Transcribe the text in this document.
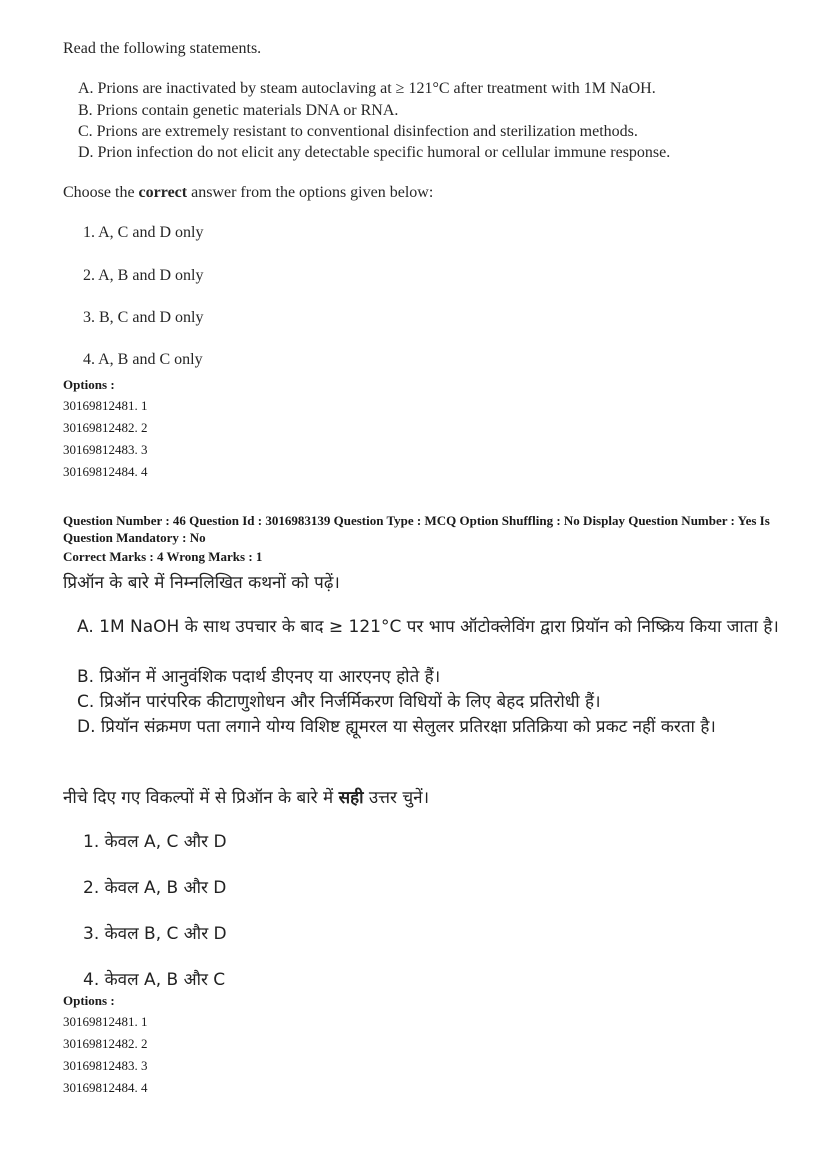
Read the following statements.
A. Prions are inactivated by steam autoclaving at ≥ 121°C after treatment with 1M NaOH.
B. Prions contain genetic materials DNA or RNA.
C. Prions are extremely resistant to conventional disinfection and sterilization methods.
D. Prion infection do not elicit any detectable specific humoral or cellular immune response.
Choose the correct answer from the options given below:
1. A, C and D only
2. A, B and D only
3. B, C and D only
4. A, B and C only
Options :
30169812481. 1
30169812482. 2
30169812483. 3
30169812484. 4
Question Number : 46 Question Id : 3016983139 Question Type : MCQ Option Shuffling : No Display Question Number : Yes Is Question Mandatory : No
Correct Marks : 4 Wrong Marks : 1
प्रिऑन के बारे में निम्नलिखित कथनों को पढ़ें।
A. 1M NaOH के साथ उपचार के बाद ≥ 121°C पर भाप ऑटोक्लेविंग द्वारा प्रियॉन को निष्क्रिय किया जाता है।
B. प्रिऑन में आनुवंशिक पदार्थ डीएनए या आरएनए होते हैं।
C. प्रिऑन पारंपरिक कीटाणुशोधन और निर्जर्मिकरण विधियों के लिए बेहद प्रतिरोधी हैं।
D. प्रियॉन संक्रमण पता लगाने योग्य विशिष्ट ह्यूमरल या सेलुलर प्रतिरक्षा प्रतिक्रिया को प्रकट नहीं करता है।
नीचे दिए गए विकल्पों में से प्रिऑन के बारे में सही उत्तर चुनें।
1. केवल A, C और D
2. केवल A, B और D
3. केवल B, C और D
4. केवल A, B और C
Options :
30169812481. 1
30169812482. 2
30169812483. 3
30169812484. 4
